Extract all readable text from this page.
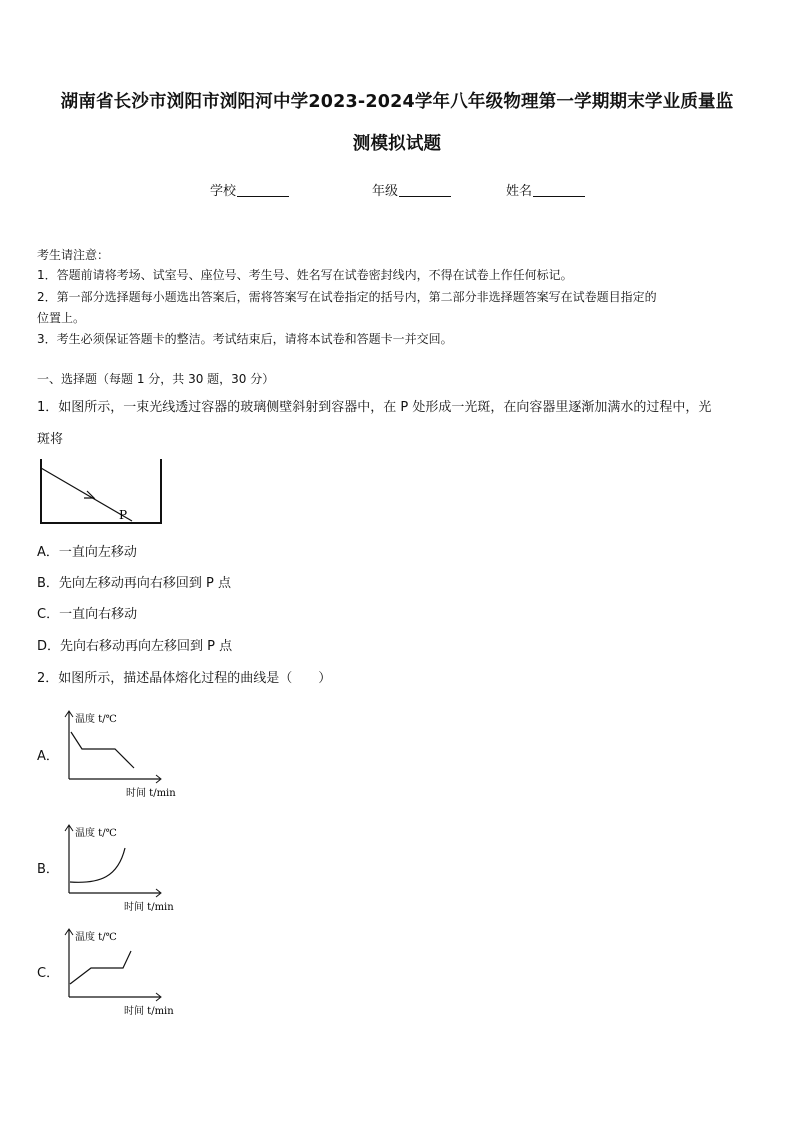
湖南省长沙市浏阳市浏阳河中学2023-2024学年八年级物理第一学期期末学业质量监
测模拟试题
学校	年级	姓名
考生请注意：
1．答题前请将考场、试室号、座位号、考生号、姓名写在试卷密封线内，不得在试卷上作任何标记。
2．第一部分选择题每小题选出答案后，需将答案写在试卷指定的括号内，第二部分非选择题答案写在试卷题目指定的
位置上。
3．考生必须保证答题卡的整洁。考试结束后，请将本试卷和答题卡一并交回。
一、选择题（每题 1 分，共 30 题，30 分）
1．如图所示，一束光线透过容器的玻璃侧壁斜射到容器中，在 P 处形成一光斑，在向容器里逐渐加满水的过程中，光
斑将
P
A．一直向左移动
B．先向左移动再向右移回到 P 点
C．一直向右移动
D．先向右移动再向左移回到 P 点
2．如图所示，描述晶体熔化过程的曲线是（　　）
A．
温度 t/℃
时间 t/min
B．
温度 t/℃
时间 t/min
C．
温度 t/℃
时间 t/min
